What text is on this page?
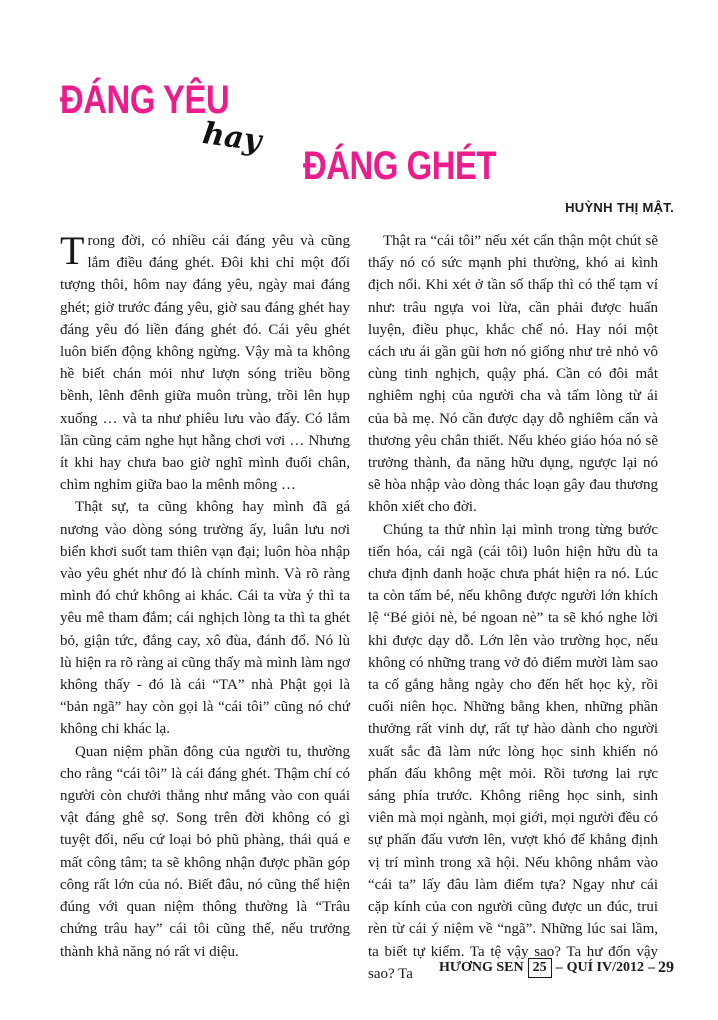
ĐÁNG YÊU
hay
ĐÁNG GHÉT
HUỲNH THỊ MẬT.

Trong đời, có nhiều cái đáng yêu và cũng lắm điều đáng ghét. Đôi khi chỉ một đối tượng thôi, hôm nay đáng yêu, ngày mai đáng ghét; giờ trước đáng yêu, giờ sau đáng ghét hay đáng yêu đó liền đáng ghét đó. Cái yêu ghét luôn biến động không ngừng. Vậy mà ta không hề biết chán mỏi như lượn sóng triều bồng bềnh, lênh đênh giữa muôn trùng, trồi lên hụp xuống … và ta như phiêu lưu vào đấy. Có lắm lần cũng cảm nghe hụt hẫng chơi vơi … Nhưng ít khi hay chưa bao giờ nghĩ mình đuối chân, chìm nghỉm giữa bao la mênh mông …

Thật sự, ta cũng không hay mình đã gá nương vào dòng sóng trường ấy, luân lưu nơi biển khơi suốt tam thiên vạn đại; luôn hòa nhập vào yêu ghét như đó là chính mình. Và rõ ràng mình đó chứ không ai khác. Cái ta vừa ý thì ta yêu mê tham đắm; cái nghịch lòng ta thì ta ghét bỏ, giận tức, đắng cay, xô đùa, đánh đổ. Nó lù lù hiện ra rõ ràng ai cũng thấy mà mình làm ngơ không thấy - đó là cái “TA” nhà Phật gọi là “bản ngã” hay còn gọi là “cái tôi” cũng nó chứ không chi khác lạ.

Quan niệm phần đông của người tu, thường cho rằng “cái tôi” là cái đáng ghét. Thậm chí có người còn chưởi thẳng như mắng vào con quái vật đáng ghê sợ. Song trên đời không có gì tuyệt đối, nếu cứ loại bỏ phũ phàng, thái quá e mất công tâm; ta sẽ không nhận được phần góp công rất lớn của nó. Biết đâu, nó cũng thể hiện đúng với quan niệm thông thường là “Trâu chứng trâu hay” cái tôi cũng thế, nếu trưởng thành khả năng nó rất vi diệu.

Thật ra “cái tôi” nếu xét cẩn thận một chút sẽ thấy nó có sức mạnh phi thường, khó ai kình địch nổi. Khi xét ở tần số thấp thì có thể tạm ví như: trâu ngựa voi lừa, cần phải được huấn luyện, điều phục, khắc chế nó. Hay nói một cách ưu ái gần gũi hơn nó giống như trẻ nhỏ vô cùng tinh nghịch, quậy phá. Cần có đôi mắt nghiêm nghị của người cha và tấm lòng từ ái của bà mẹ. Nó cần được dạy dỗ nghiêm cẩn và thương yêu chân thiết. Nếu khéo giáo hóa nó sẽ trưởng thành, đa năng hữu dụng, ngược lại nó sẽ hòa nhập vào dòng thác loạn gây đau thương khôn xiết cho đời.

Chúng ta thử nhìn lại mình trong từng bước tiến hóa, cái ngã (cái tôi) luôn hiện hữu dù ta chưa định danh hoặc chưa phát hiện ra nó. Lúc ta còn tấm bé, nếu không được người lớn khích lệ “Bé giỏi nè, bé ngoan nè” ta sẽ khó nghe lời khi được dạy dỗ. Lớn lên vào trường học, nếu không có những trang vở đỏ điểm mười làm sao ta cố gắng hằng ngày cho đến hết học kỳ, rồi cuối niên học. Những bằng khen, những phần thưởng rất vinh dự, rất tự hào dành cho người xuất sắc đã làm nức lòng học sinh khiến nó phấn đấu không mệt mỏi. Rồi tương lai rực sáng phía trước. Không riêng học sinh, sinh viên mà mọi ngành, mọi giới, mọi người đều có sự phấn đấu vươn lên, vượt khó để khẳng định vị trí mình trong xã hội. Nếu không nhắm vào “cái ta” lấy đâu làm điểm tựa? Ngay như cái cặp kính của con người cũng được un đúc, trui rèn từ cái ý niệm về “ngã”. Những lúc sai lầm, ta biết tự kiểm. Ta tệ vậy sao? Ta hư đốn vậy sao? Ta	HƯƠNG SEN 25 – QUÍ IV/2012 – 29
